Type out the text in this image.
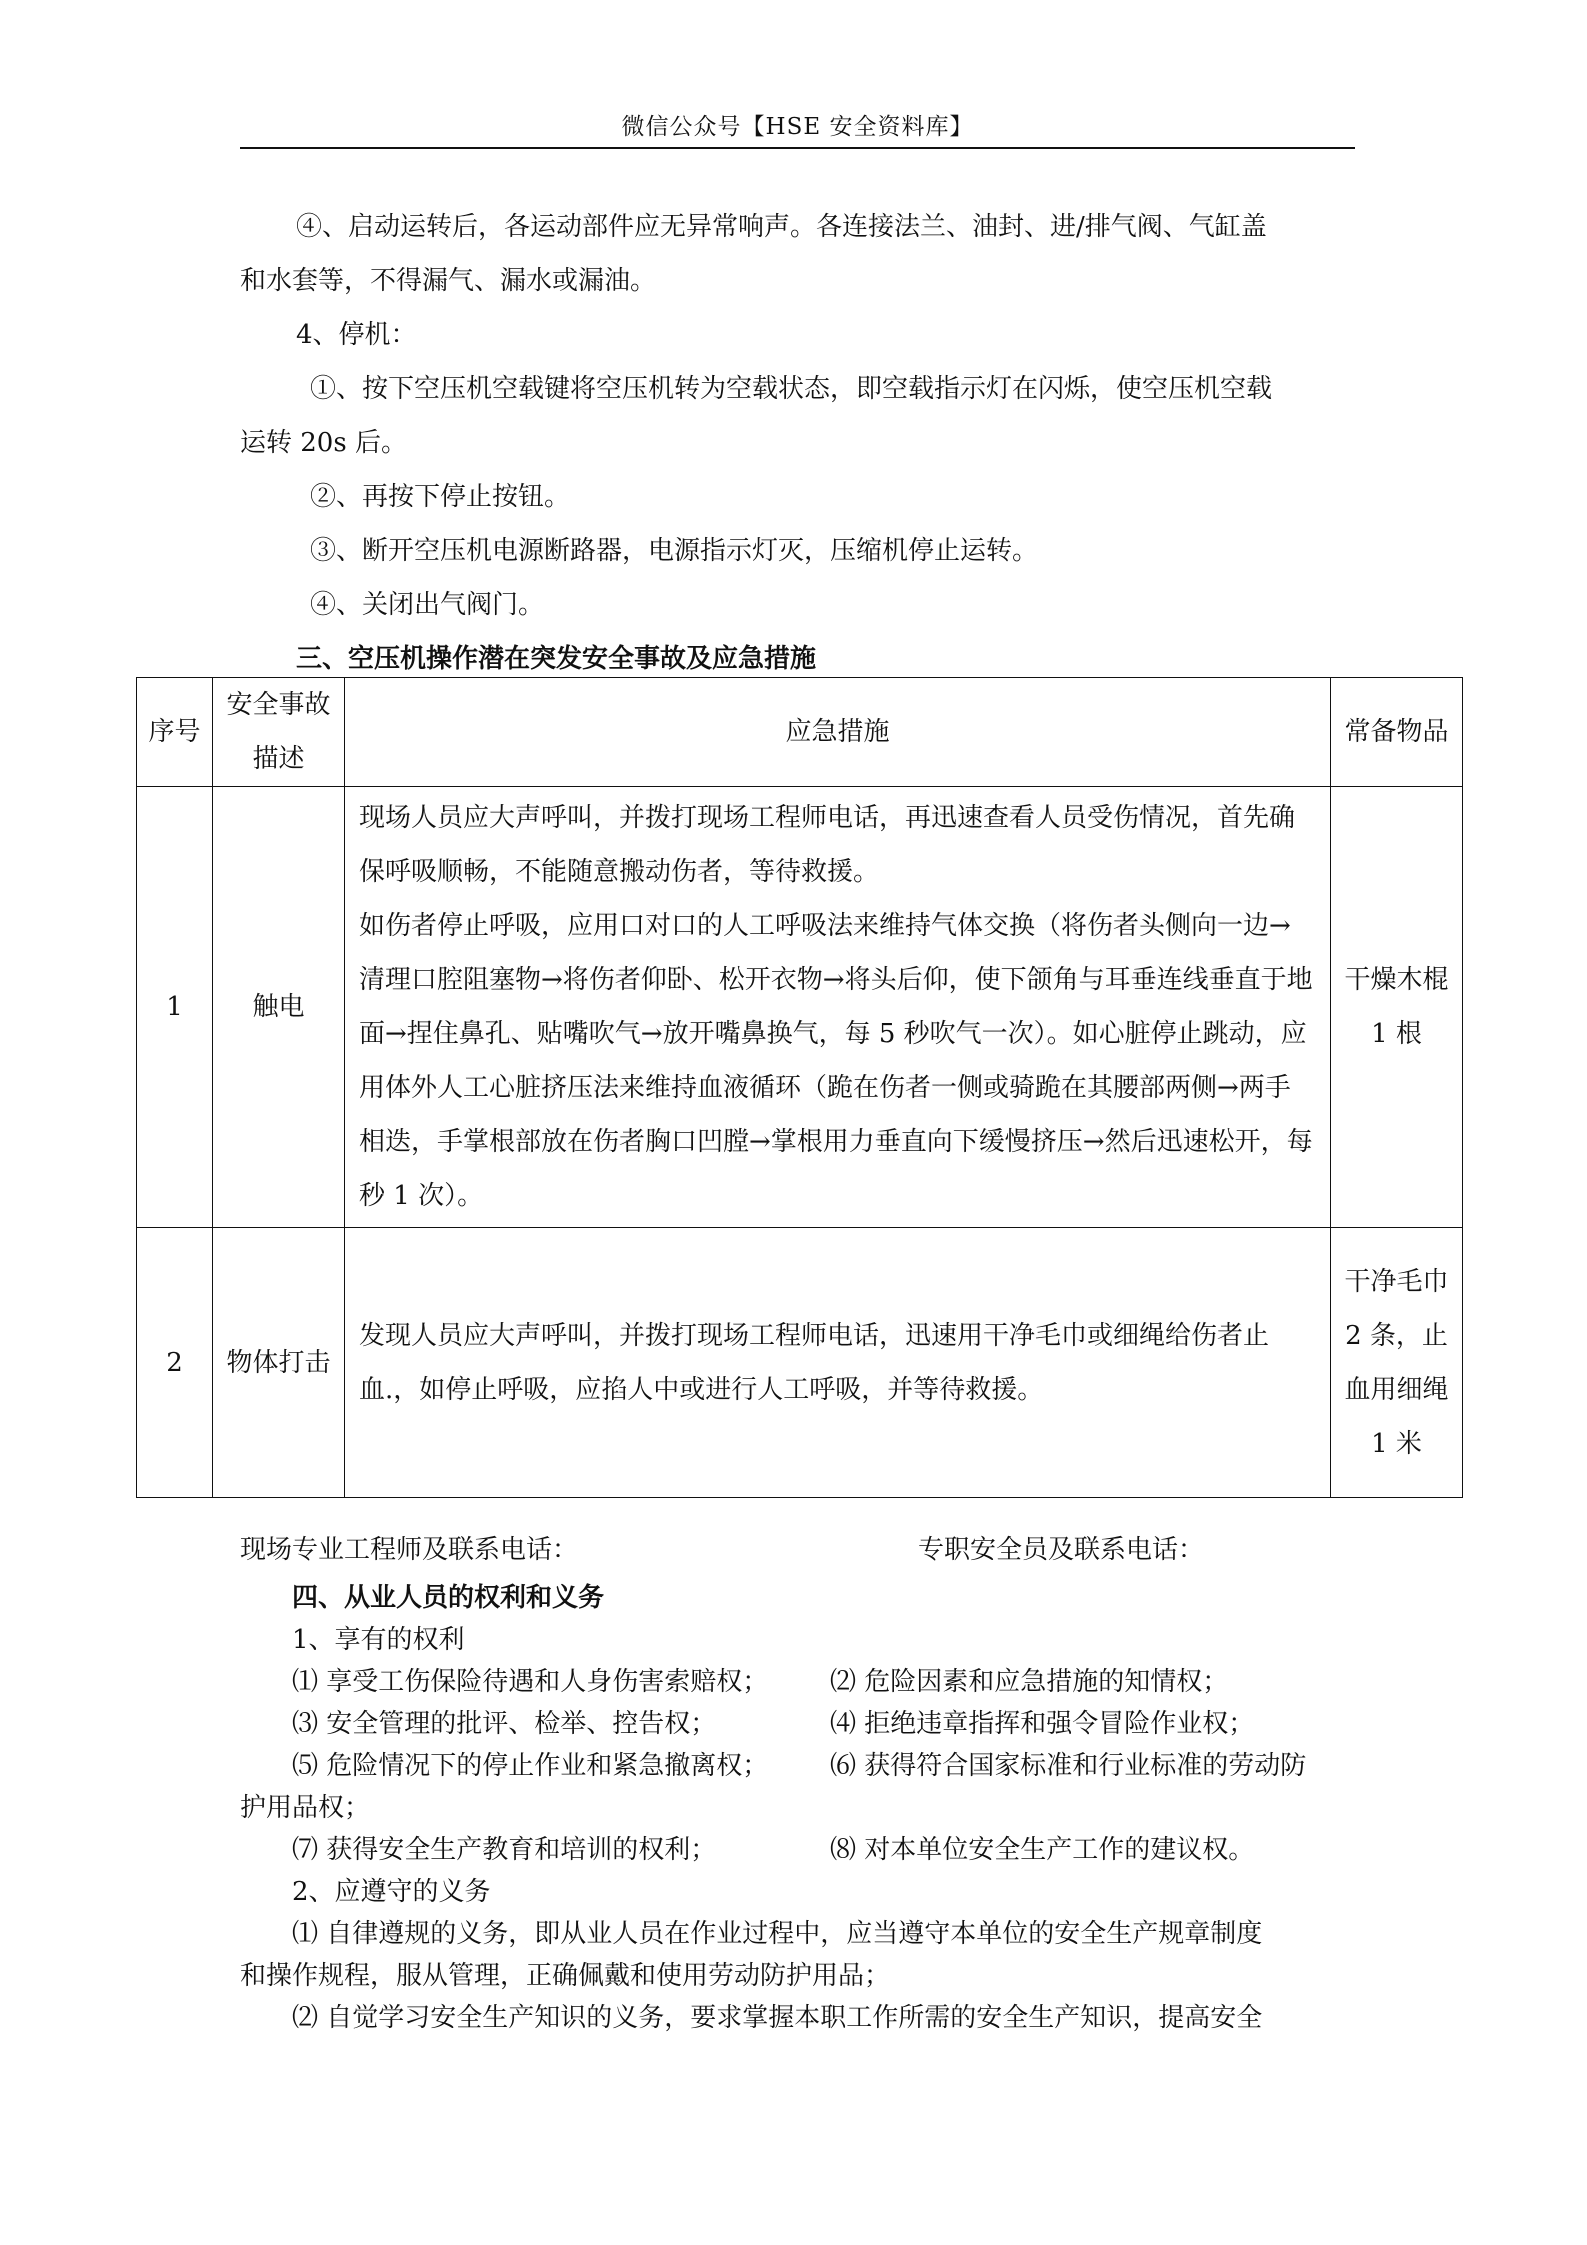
微信公众号【HSE 安全资料库】

④、启动运转后，各运动部件应无异常响声。各连接法兰、油封、进/排气阀、气缸盖

和水套等，不得漏气、漏水或漏油。

4、停机：

①、按下空压机空载键将空压机转为空载状态，即空载指示灯在闪烁，使空压机空载

运转 20s 后。

②、再按下停止按钮。

③、断开空压机电源断路器，电源指示灯灭，压缩机停止运转。

④、关闭出气阀门。

三、空压机操作潜在突发安全事故及应急措施

序号	安全事故描述	应急措施	常备物品
1	触电	现场人员应大声呼叫，并拨打现场工程师电话，再迅速查看人员受伤情况，首先确保呼吸顺畅，不能随意搬动伤者，等待救援。
如伤者停止呼吸，应用口对口的人工呼吸法来维持气体交换（将伤者头侧向一边→清理口腔阻塞物→将伤者仰卧、松开衣物→将头后仰，使下颌角与耳垂连线垂直于地面→捏住鼻孔、贴嘴吹气→放开嘴鼻换气，每 5 秒吹气一次）。如心脏停止跳动，应用体外人工心脏挤压法来维持血液循环（跪在伤者一侧或骑跪在其腰部两侧→两手相迭，手掌根部放在伤者胸口凹膛→掌根用力垂直向下缓慢挤压→然后迅速松开，每秒 1 次）。	干燥木棍 1 根
2	物体打击	发现人员应大声呼叫，并拨打现场工程师电话，迅速用干净毛巾或细绳给伤者止血.，如停止呼吸，应掐人中或进行人工呼吸，并等待救援。	干净毛巾 2 条，止血用细绳 1 米
现场专业工程师及联系电话：	专职安全员及联系电话：
四、从业人员的权利和义务
1、享有的权利
⑴ 享受工伤保险待遇和人身伤害索赔权；	⑵ 危险因素和应急措施的知情权；
⑶ 安全管理的批评、检举、控告权；	⑷ 拒绝违章指挥和强令冒险作业权；
⑸ 危险情况下的停止作业和紧急撤离权；	⑹ 获得符合国家标准和行业标准的劳动防
护用品权；
⑺ 获得安全生产教育和培训的权利；	⑻ 对本单位安全生产工作的建议权。
2、应遵守的义务
⑴ 自律遵规的义务，即从业人员在作业过程中，应当遵守本单位的安全生产规章制度
和操作规程，服从管理，正确佩戴和使用劳动防护用品；
⑵ 自觉学习安全生产知识的义务，要求掌握本职工作所需的安全生产知识，提高安全
